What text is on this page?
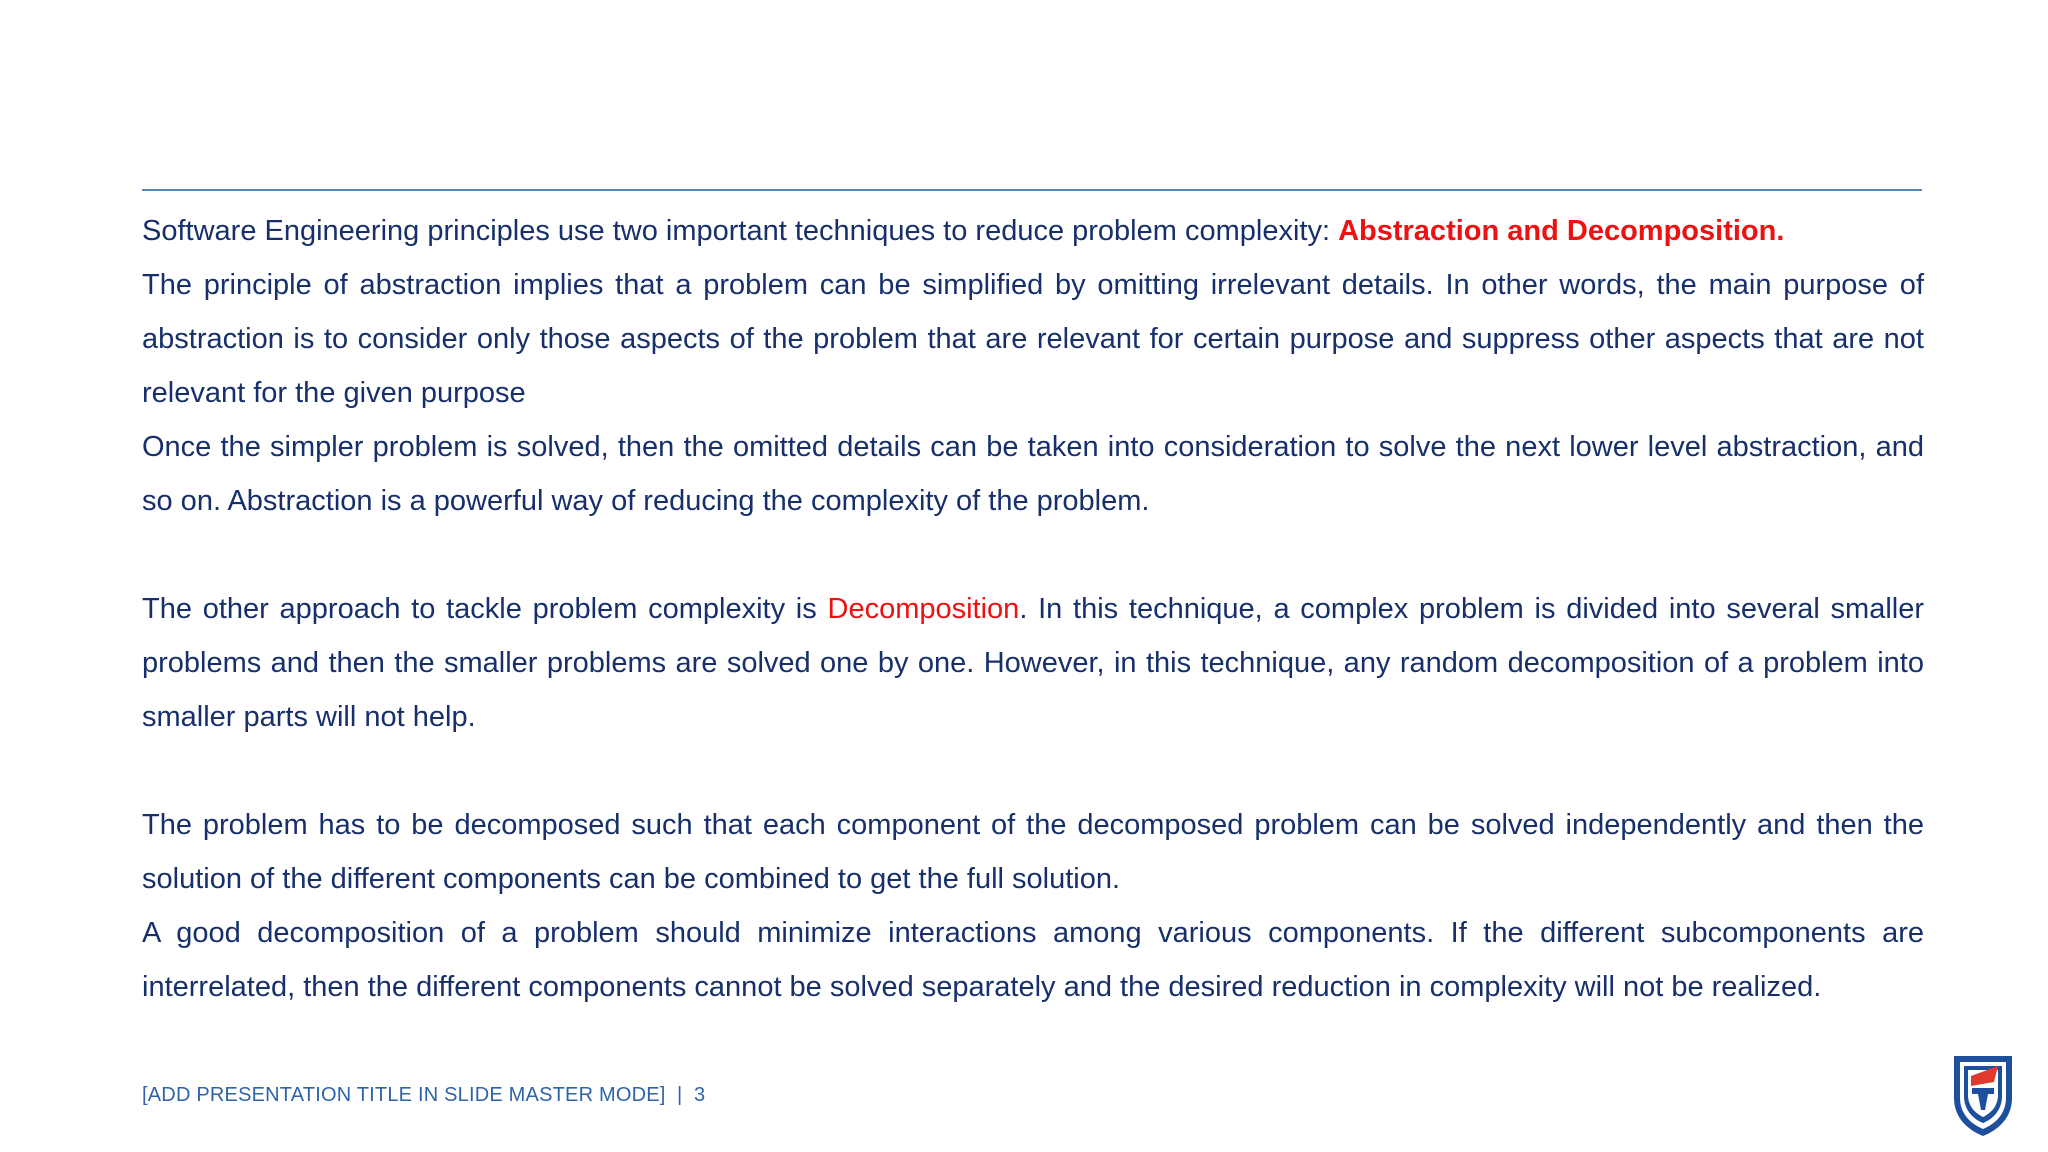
Software Engineering principles use two important techniques to reduce problem complexity: Abstraction and Decomposition.

The principle of abstraction implies that a problem can be simplified by omitting irrelevant details. In other words, the main purpose of abstraction is to consider only those aspects of the problem that are relevant for certain purpose and suppress other aspects that are not relevant for the given purpose

Once the simpler problem is solved, then the omitted details can be taken into consideration to solve the next lower level abstraction, and so on. Abstraction is a powerful way of reducing the complexity of the problem.

The other approach to tackle problem complexity is Decomposition. In this technique, a complex problem is divided into several smaller problems and then the smaller problems are solved one by one. However, in this technique, any random decomposition of a problem into smaller parts will not help.

The problem has to be decomposed such that each component of the decomposed problem can be solved independently and then the solution of the different components can be combined to get the full solution.

A good decomposition of a problem should minimize interactions among various components. If the different subcomponents are interrelated, then the different components cannot be solved separately and the desired reduction in complexity will not be realized.

[ADD PRESENTATION TITLE IN SLIDE MASTER MODE] | 3
